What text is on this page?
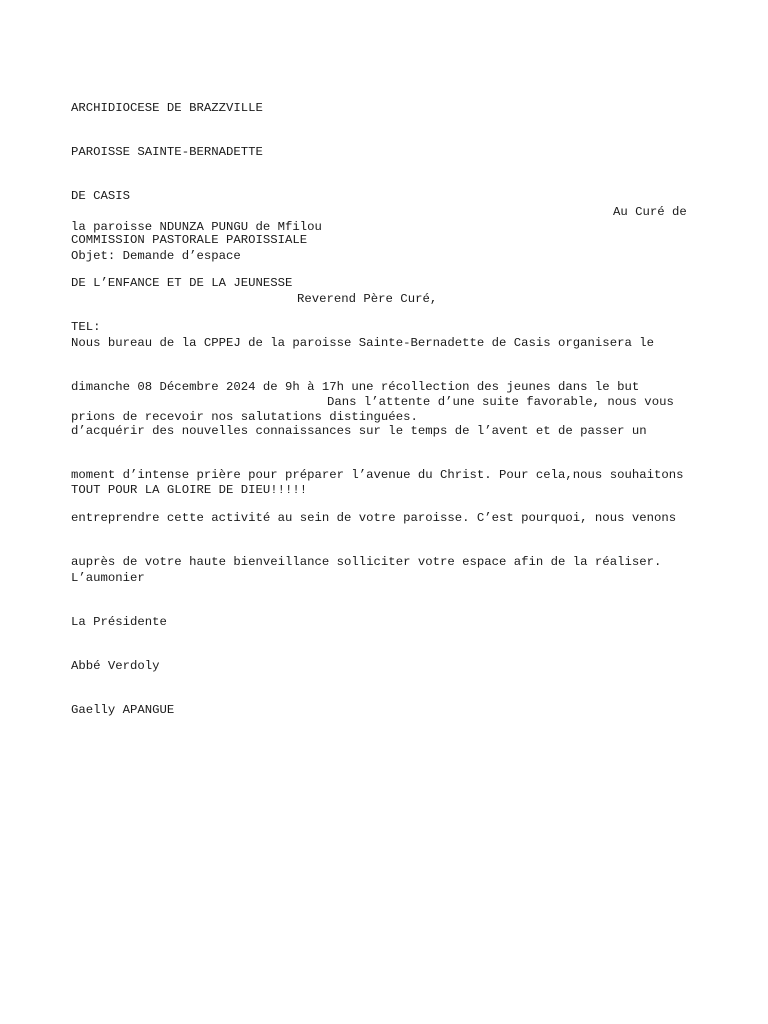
ARCHIDIOCESE DE BRAZZVILLE

PAROISSE SAINTE-BERNADETTE

DE CASIS

COMMISSION PASTORALE PAROISSIALE

DE L’ENFANCE ET DE LA JEUNESSE

TEL:

Au Curé de
la paroisse NDUNZA PUNGU de Mfilou
Objet: Demande d’espace
Reverend Père Curé,

Nous bureau de la CPPEJ de la paroisse Sainte-Bernadette de Casis organisera le

dimanche 08 Décembre 2024 de 9h à 17h une récollection des jeunes dans le but

d’acquérir des nouvelles connaissances sur le temps de l’avent et de passer un

moment d’intense prière pour préparer l’avenue du Christ. Pour cela,nous souhaitons

entreprendre cette activité au sein de votre paroisse. C’est pourquoi, nous venons

auprès de votre haute bienveillance solliciter votre espace afin de la réaliser.

Dans l’attente d’une suite favorable, nous vous
prions de recevoir nos salutations distinguées.
TOUT POUR LA GLOIRE DE DIEU!!!!!

L’aumonier

La Présidente

Abbé Verdoly

Gaelly APANGUE
